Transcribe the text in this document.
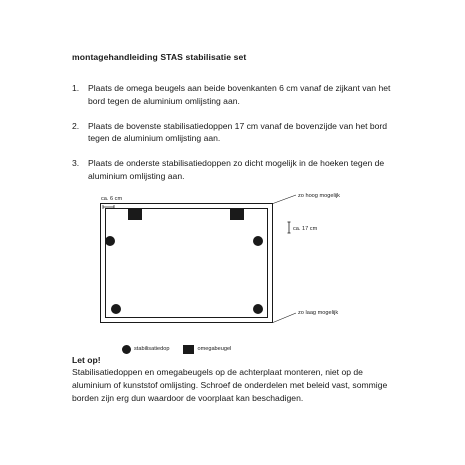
montagehandleiding STAS stabilisatie set
1. Plaats de omega beugels aan beide bovenkanten 6 cm vanaf de zijkant van het bord tegen de aluminium omlijsting aan.
2. Plaats de bovenste stabilisatiedoppen 17 cm vanaf de bovenzijde van het bord tegen de aluminium omlijsting aan.
3. Plaats de onderste stabilisatiedoppen zo dicht mogelijk in de hoeken tegen de aluminium omlijsting aan.
ca. 6 cm	zo hoog mogelijk
ca. 17 cm
zo laag mogelijk
stabilisatiedop	omegabeugel
Let op!
Stabilisatiedoppen en omegabeugels op de achterplaat monteren, niet op de aluminium of kunststof omlijsting. Schroef de onderdelen met beleid vast, sommige borden zijn erg dun waardoor de voorplaat kan beschadigen.
